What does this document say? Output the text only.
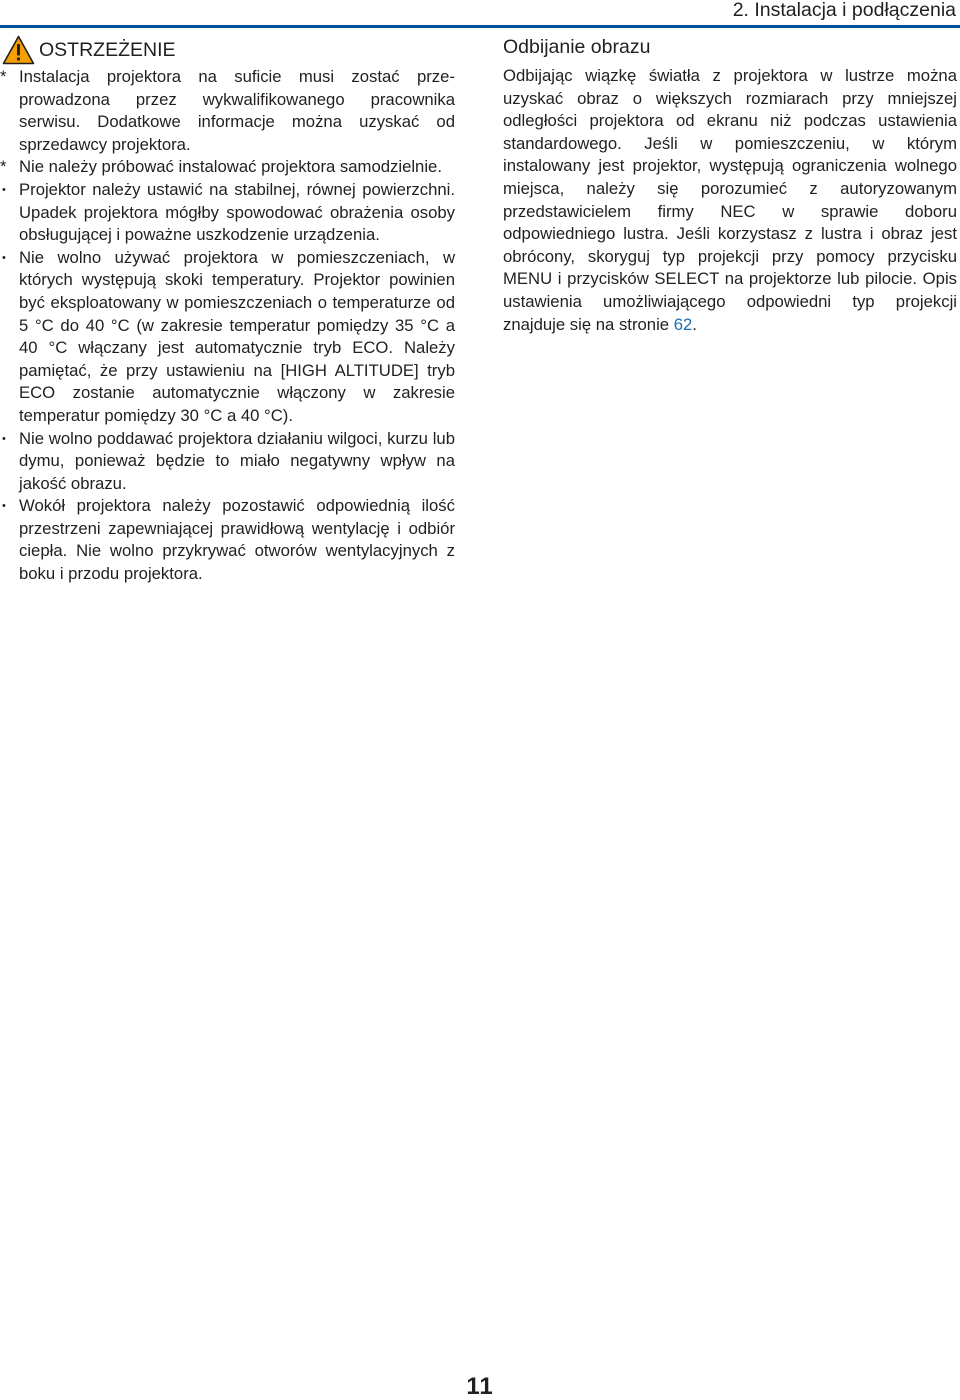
2. Instalacja i podłączenia
OSTRZEŻENIE
* Instalacja projektora na suficie musi zostać przeprowadzona przez wykwalifikowanego pracownika serwisu. Dodatkowe informacje można uzyskać od sprzedawcy projektora.
* Nie należy próbować instalować projektora samodzielnie.
• Projektor należy ustawić na stabilnej, równej powierzchni. Upadek projektora mógłby spowodować obrażenia osoby obsługującej i poważne uszkodzenie urządzenia.
• Nie wolno używać projektora w pomieszczeniach, w których występują skoki temperatury. Projektor powinien być eksploatowany w pomieszczeniach o temperaturze od 5 °C do 40 °C (w zakresie temperatur pomiędzy 35 °C a 40 °C włączany jest automatycznie tryb ECO. Należy pamiętać, że przy ustawieniu na [HIGH ALTITUDE] tryb ECO zostanie automatycznie włączony w zakresie temperatur pomiędzy 30 °C a 40 °C).
• Nie wolno poddawać projektora działaniu wilgoci, kurzu lub dymu, ponieważ będzie to miało negatywny wpływ na jakość obrazu.
• Wokół projektora należy pozostawić odpowiednią ilość przestrzeni zapewniającej prawidłową wentylację i odbiór ciepła. Nie wolno przykrywać otworów wentylacyjnych z boku i przodu projektora.
Odbijanie obrazu

Odbijając wiązkę światła z projektora w lustrze można uzyskać obraz o większych rozmiarach przy mniejszej odległości projektora od ekranu niż podczas ustawienia standardowego. Jeśli w pomieszczeniu, w którym instalowany jest projektor, występują ograniczenia wolnego miejsca, należy się porozumieć z autoryzowanym przedstawicielem firmy NEC w sprawie doboru odpowiedniego lustra. Jeśli korzystasz z lustra i obraz jest obrócony, skoryguj typ projekcji przy pomocy przycisku MENU i przycisków SELECT na projektorze lub pilocie. Opis ustawienia umożliwiającego odpowiedni typ projekcji znajduje się na stronie 62.

11
